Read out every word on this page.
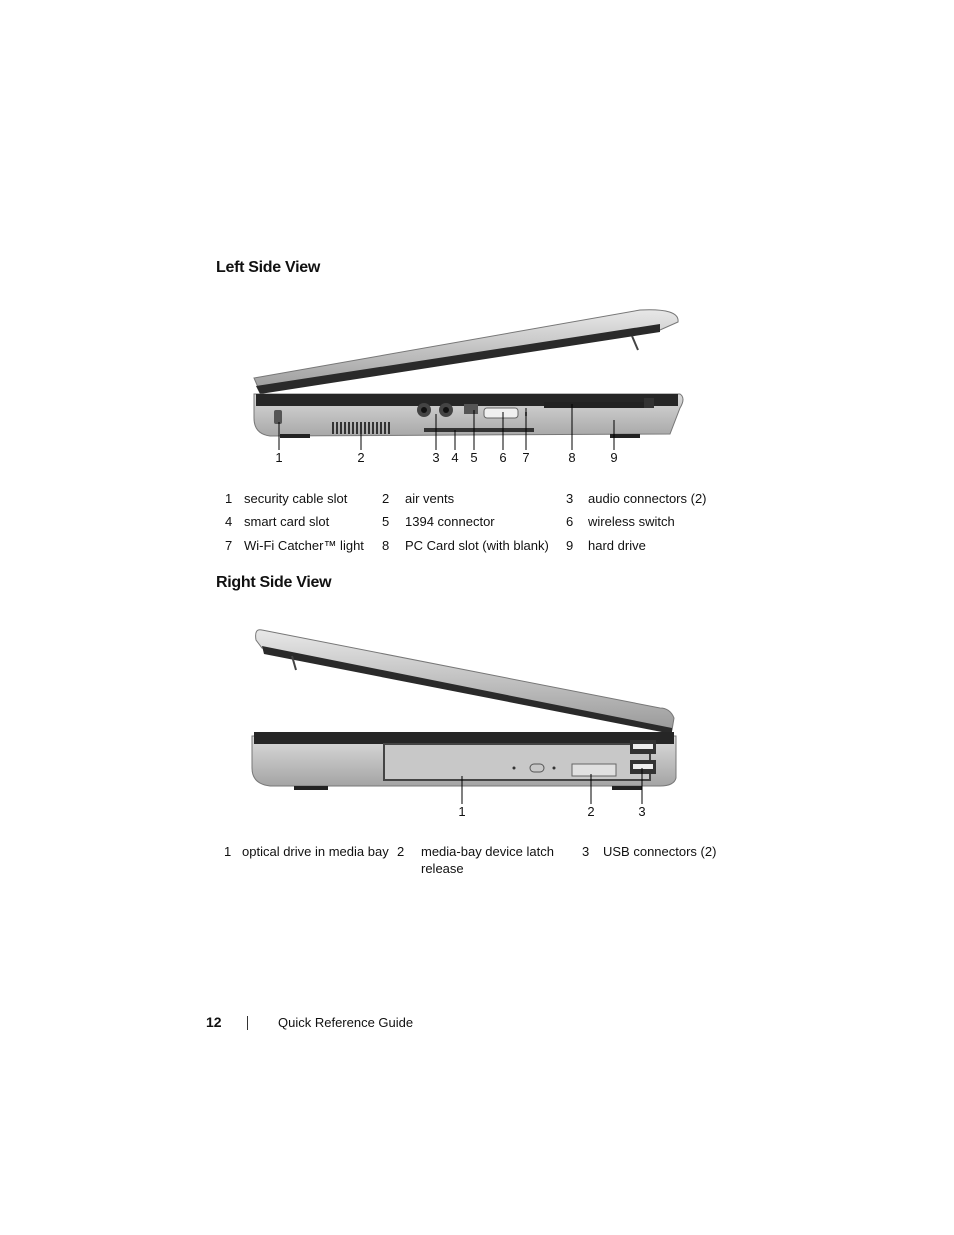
Left Side View
1	2	3 4 5 6 7	8	9
1 security cable slot	2 air vents	3 audio connectors (2)
4 smart card slot	5 1394 connector	6 wireless switch
7 Wi-Fi Catcher™ light 8 PC Card slot (with blank) 9 hard drive
Right Side View
1	2	3
1 optical drive in media bay 2 media-bay device latch
release
3 USB connectors (2)
12	Quick Reference Guide
